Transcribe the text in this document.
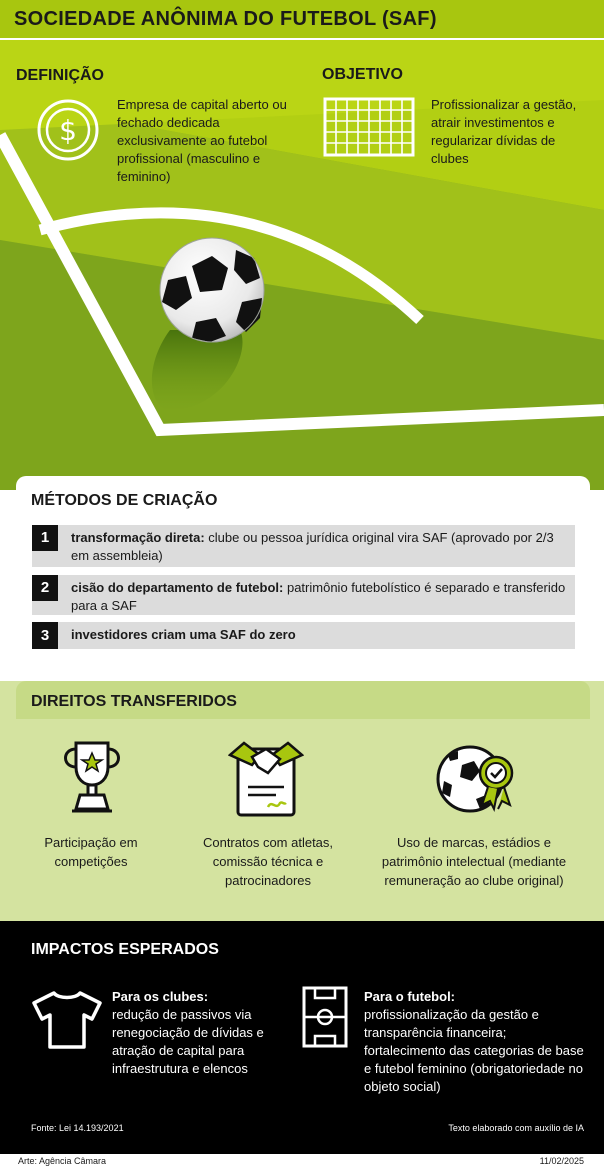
SOCIEDADE ANÔNIMA DO FUTEBOL (SAF)
DEFINIÇÃO
$
Empresa de capital aberto ou fechado dedicada exclusivamente ao futebol profissional (masculino e feminino)
OBJETIVO
Profissionalizar a gestão, atrair investimentos e regularizar dívidas de clubes
MÉTODOS DE CRIAÇÃO
1	transformação direta: clube ou pessoa jurídica original vira SAF (aprovado por 2/3 em assembleia)
2	cisão do departamento de futebol: patrimônio futebolístico é separado e transferido para a SAF
3	investidores criam uma SAF do zero
DIREITOS TRANSFERIDOS
Participação em competições
Contratos com atletas, comissão técnica e patrocinadores
Uso de marcas, estádios e patrimônio intelectual (mediante remuneração ao clube original)
IMPACTOS ESPERADOS
Para os clubes:
redução de passivos via renegociação de dívidas e atração de capital para infraestrutura e elencos
Para o futebol:
profissionalização da gestão e transparência financeira; fortalecimento das categorias de base e futebol feminino (obrigatoriedade no objeto social)
Fonte: Lei 14.193/2021	Texto elaborado com auxílio de IA
Arte: Agência Câmara	11/02/2025
